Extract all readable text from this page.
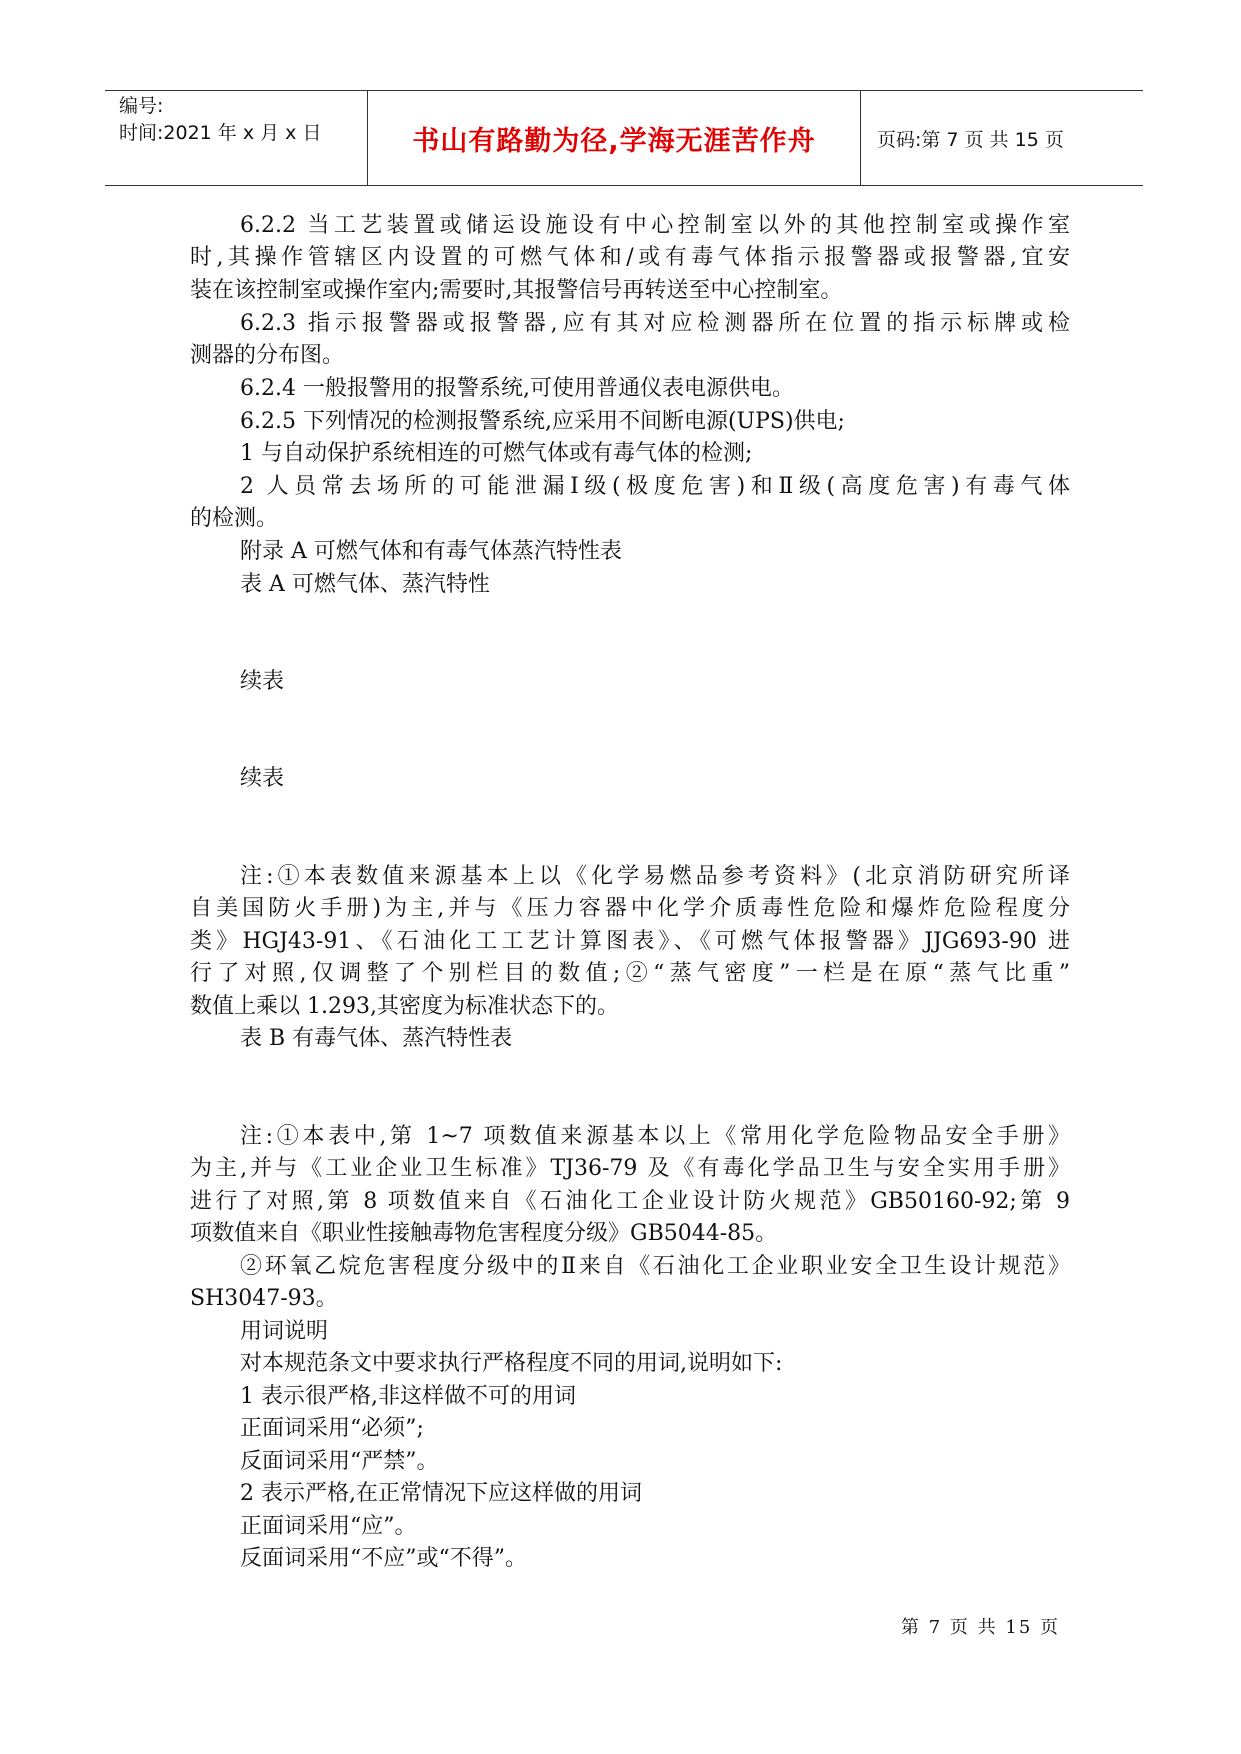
编号:
时间:2021 年 x 月 x 日	书山有路勤为径,学海无涯苦作舟	页码:第 7 页 共 15 页
6.2.2 当工艺装置或储运设施设有中心控制室以外的其他控制室或操作室
时,其操作管辖区内设置的可燃气体和/或有毒气体指示报警器或报警器,宜安
装在该控制室或操作室内;需要时,其报警信号再转送至中心控制室。
6.2.3 指示报警器或报警器,应有其对应检测器所在位置的指示标牌或检
测器的分布图。
6.2.4 一般报警用的报警系统,可使用普通仪表电源供电。
6.2.5 下列情况的检测报警系统,应采用不间断电源(UPS)供电;
1 与自动保护系统相连的可燃气体或有毒气体的检测;
2 人员常去场所的可能泄漏Ⅰ级(极度危害)和Ⅱ级(高度危害)有毒气体
的检测。
附录 A 可燃气体和有毒气体蒸汽特性表
表 A 可燃气体、蒸汽特性
续表
续表
注:①本表数值来源基本上以《化学易燃品参考资料》(北京消防研究所译
自美国防火手册)为主,并与《压力容器中化学介质毒性危险和爆炸危险程度分
类》HGJ43-91、《石油化工工艺计算图表》、《可燃气体报警器》JJG693-90 进
行了对照,仅调整了个别栏目的数值;②“蒸气密度”一栏是在原“蒸气比重”
数值上乘以 1.293,其密度为标准状态下的。
表 B 有毒气体、蒸汽特性表
注:①本表中,第 1~7 项数值来源基本以上《常用化学危险物品安全手册》
为主,并与《工业企业卫生标准》TJ36-79 及《有毒化学品卫生与安全实用手册》
进行了对照,第 8 项数值来自《石油化工企业设计防火规范》GB50160-92;第 9
项数值来自《职业性接触毒物危害程度分级》GB5044-85。
②环氧乙烷危害程度分级中的Ⅱ来自《石油化工企业职业安全卫生设计规范》
SH3047-93。
用词说明
对本规范条文中要求执行严格程度不同的用词,说明如下:
1 表示很严格,非这样做不可的用词
正面词采用“必须”;
反面词采用“严禁”。
2 表示严格,在正常情况下应这样做的用词
正面词采用“应”。
反面词采用“不应”或“不得”。
第 7 页 共 15 页
